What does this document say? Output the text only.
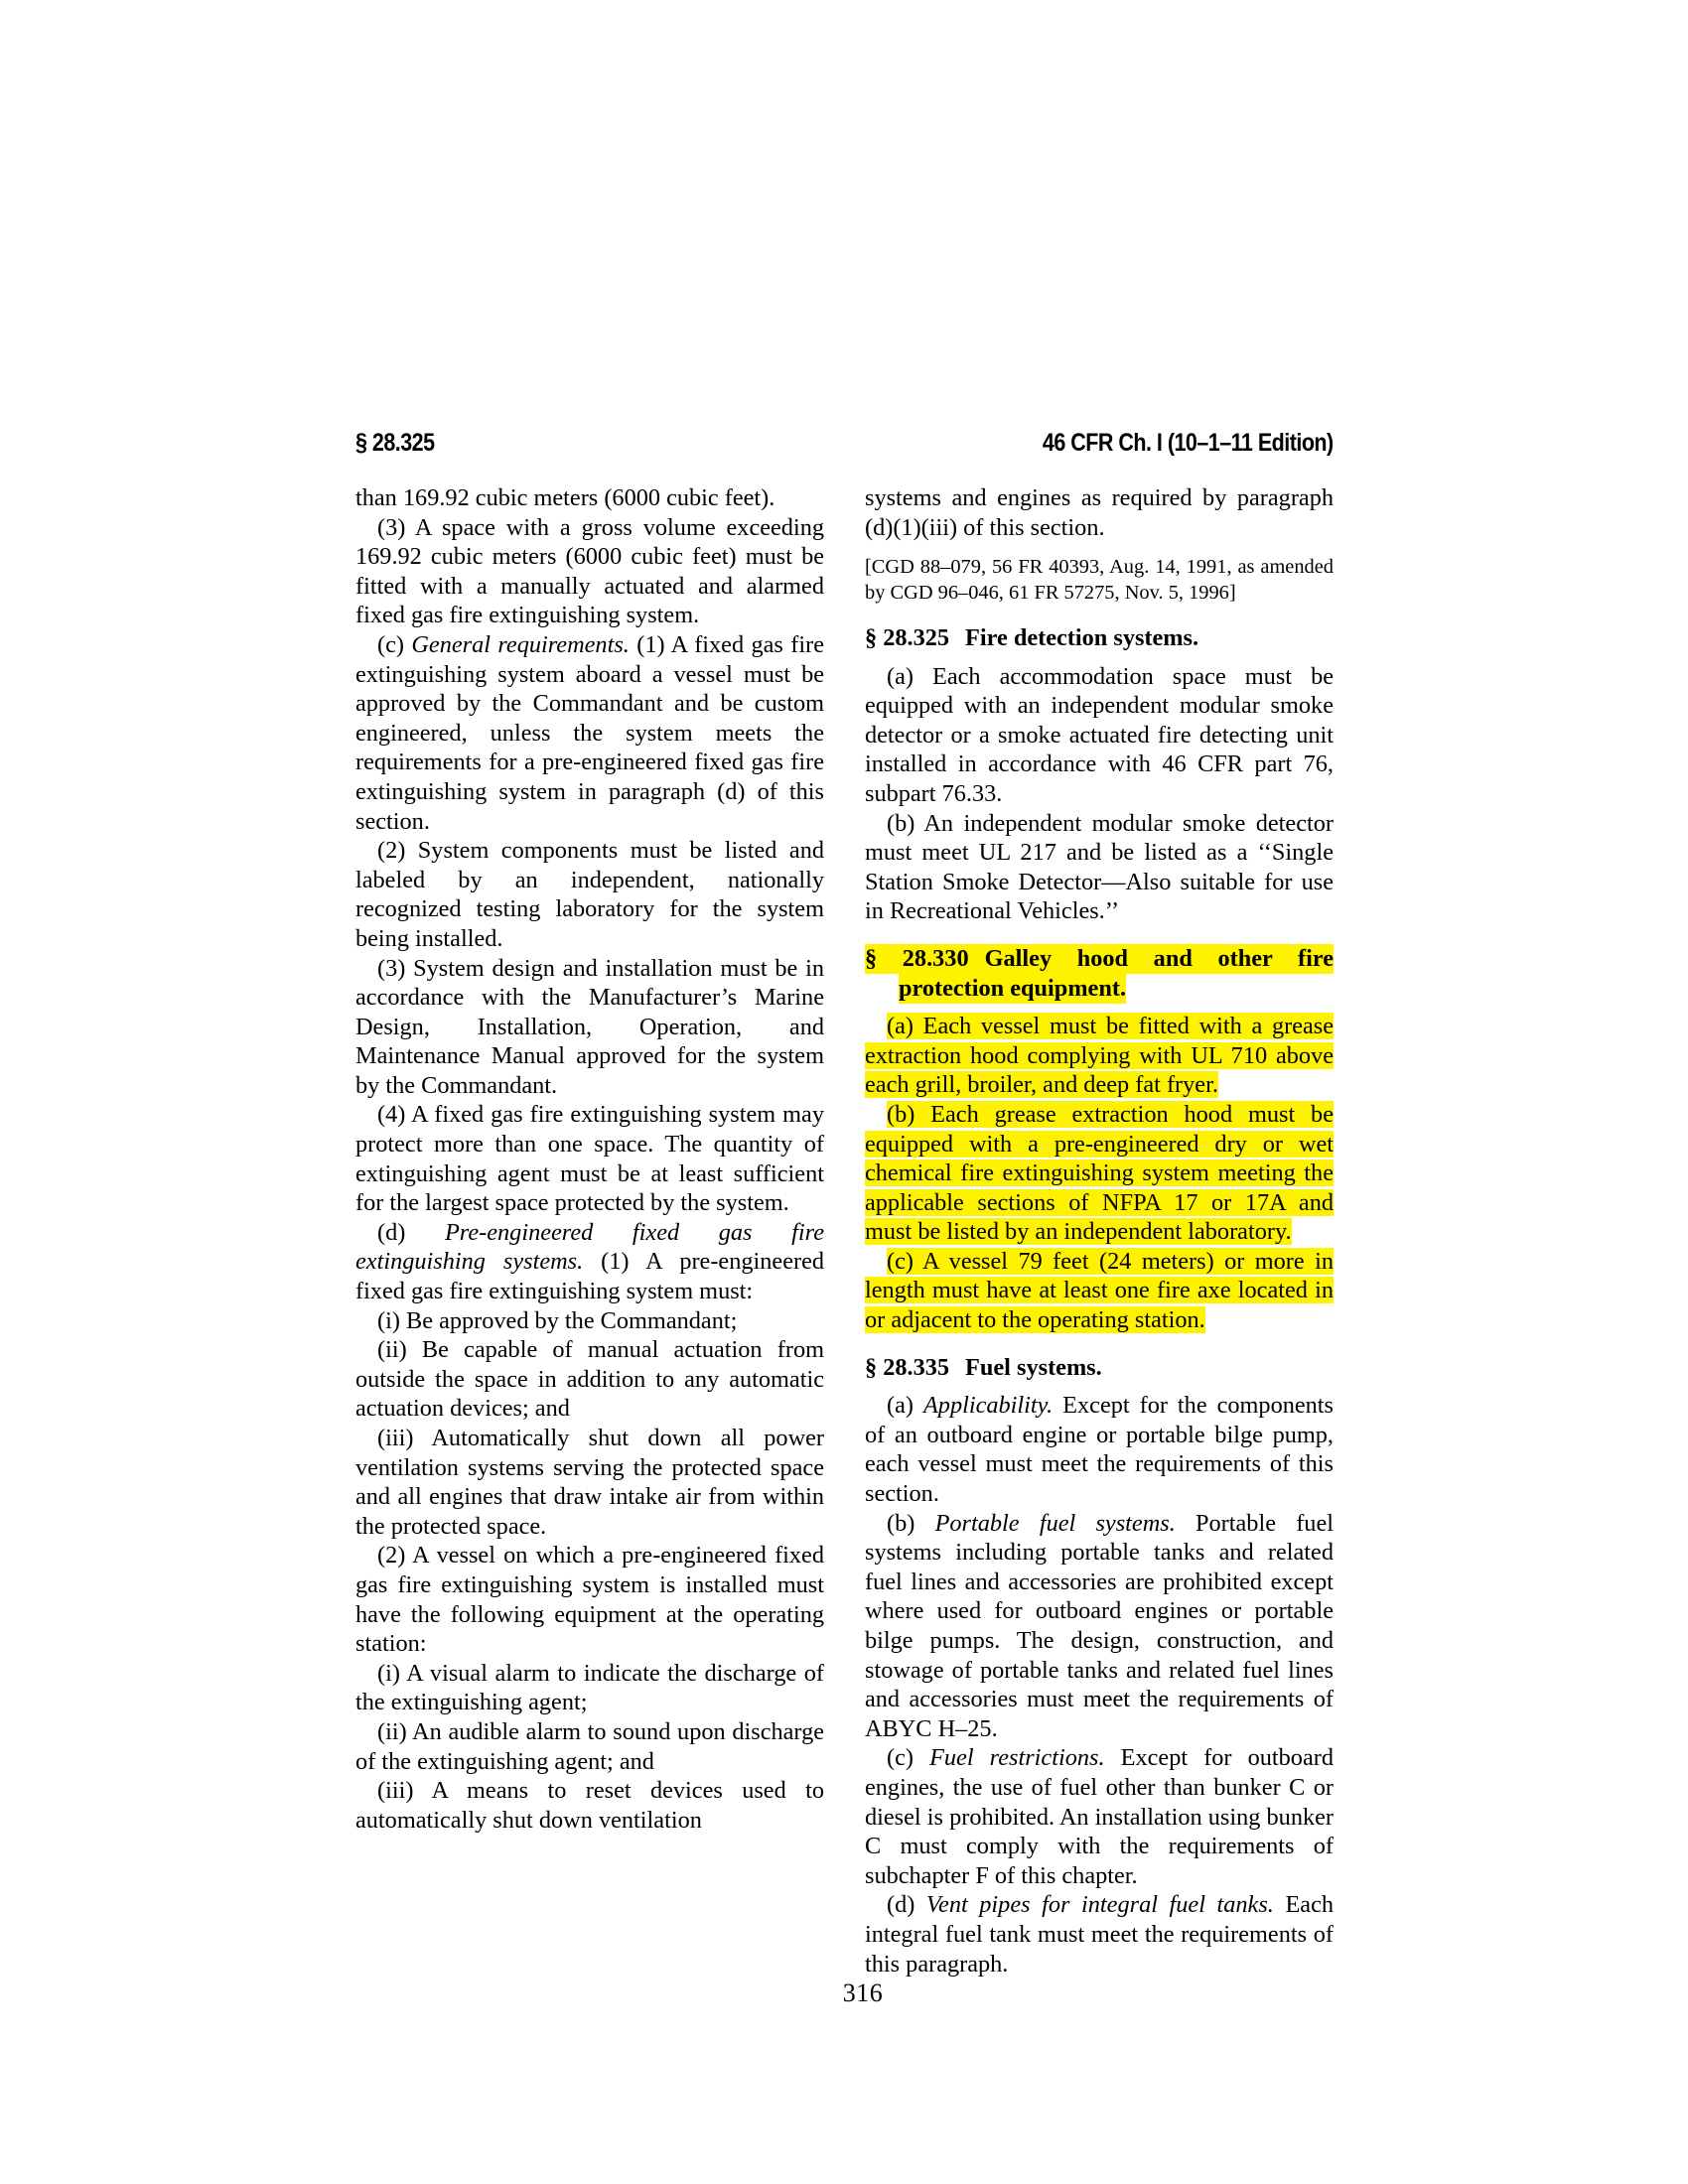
§ 28.325	46 CFR Ch. I (10–1–11 Edition)

than 169.92 cubic meters (6000 cubic feet).

(3) A space with a gross volume exceeding 169.92 cubic meters (6000 cubic feet) must be fitted with a manually actuated and alarmed fixed gas fire extinguishing system.

(c) General requirements. (1) A fixed gas fire extinguishing system aboard a vessel must be approved by the Commandant and be custom engineered, unless the system meets the requirements for a pre-engineered fixed gas fire extinguishing system in paragraph (d) of this section.

(2) System components must be listed and labeled by an independent, nationally recognized testing laboratory for the system being installed.

(3) System design and installation must be in accordance with the Manufacturer’s Marine Design, Installation, Operation, and Maintenance Manual approved for the system by the Commandant.

(4) A fixed gas fire extinguishing system may protect more than one space. The quantity of extinguishing agent must be at least sufficient for the largest space protected by the system.

(d) Pre-engineered fixed gas fire extinguishing systems. (1) A pre-engineered fixed gas fire extinguishing system must:

(i) Be approved by the Commandant;

(ii) Be capable of manual actuation from outside the space in addition to any automatic actuation devices; and

(iii) Automatically shut down all power ventilation systems serving the protected space and all engines that draw intake air from within the protected space.

(2) A vessel on which a pre-engineered fixed gas fire extinguishing system is installed must have the following equipment at the operating station:

(i) A visual alarm to indicate the discharge of the extinguishing agent;

(ii) An audible alarm to sound upon discharge of the extinguishing agent; and

(iii) A means to reset devices used to automatically shut down ventilation

systems and engines as required by paragraph (d)(1)(iii) of this section.

[CGD 88–079, 56 FR 40393, Aug. 14, 1991, as amended by CGD 96–046, 61 FR 57275, Nov. 5, 1996]

§ 28.325 Fire detection systems.

(a) Each accommodation space must be equipped with an independent modular smoke detector or a smoke actuated fire detecting unit installed in accordance with 46 CFR part 76, subpart 76.33.

(b) An independent modular smoke detector must meet UL 217 and be listed as a ‘‘Single Station Smoke Detector—Also suitable for use in Recreational Vehicles.’’

§ 28.330 Galley hood and other fire protection equipment.

(a) Each vessel must be fitted with a grease extraction hood complying with UL 710 above each grill, broiler, and deep fat fryer.

(b) Each grease extraction hood must be equipped with a pre-engineered dry or wet chemical fire extinguishing system meeting the applicable sections of NFPA 17 or 17A and must be listed by an independent laboratory.

(c) A vessel 79 feet (24 meters) or more in length must have at least one fire axe located in or adjacent to the operating station.

§ 28.335 Fuel systems.

(a) Applicability. Except for the components of an outboard engine or portable bilge pump, each vessel must meet the requirements of this section.

(b) Portable fuel systems. Portable fuel systems including portable tanks and related fuel lines and accessories are prohibited except where used for outboard engines or portable bilge pumps. The design, construction, and stowage of portable tanks and related fuel lines and accessories must meet the requirements of ABYC H–25.

(c) Fuel restrictions. Except for outboard engines, the use of fuel other than bunker C or diesel is prohibited. An installation using bunker C must comply with the requirements of subchapter F of this chapter.

(d) Vent pipes for integral fuel tanks. Each integral fuel tank must meet the requirements of this paragraph.

316
